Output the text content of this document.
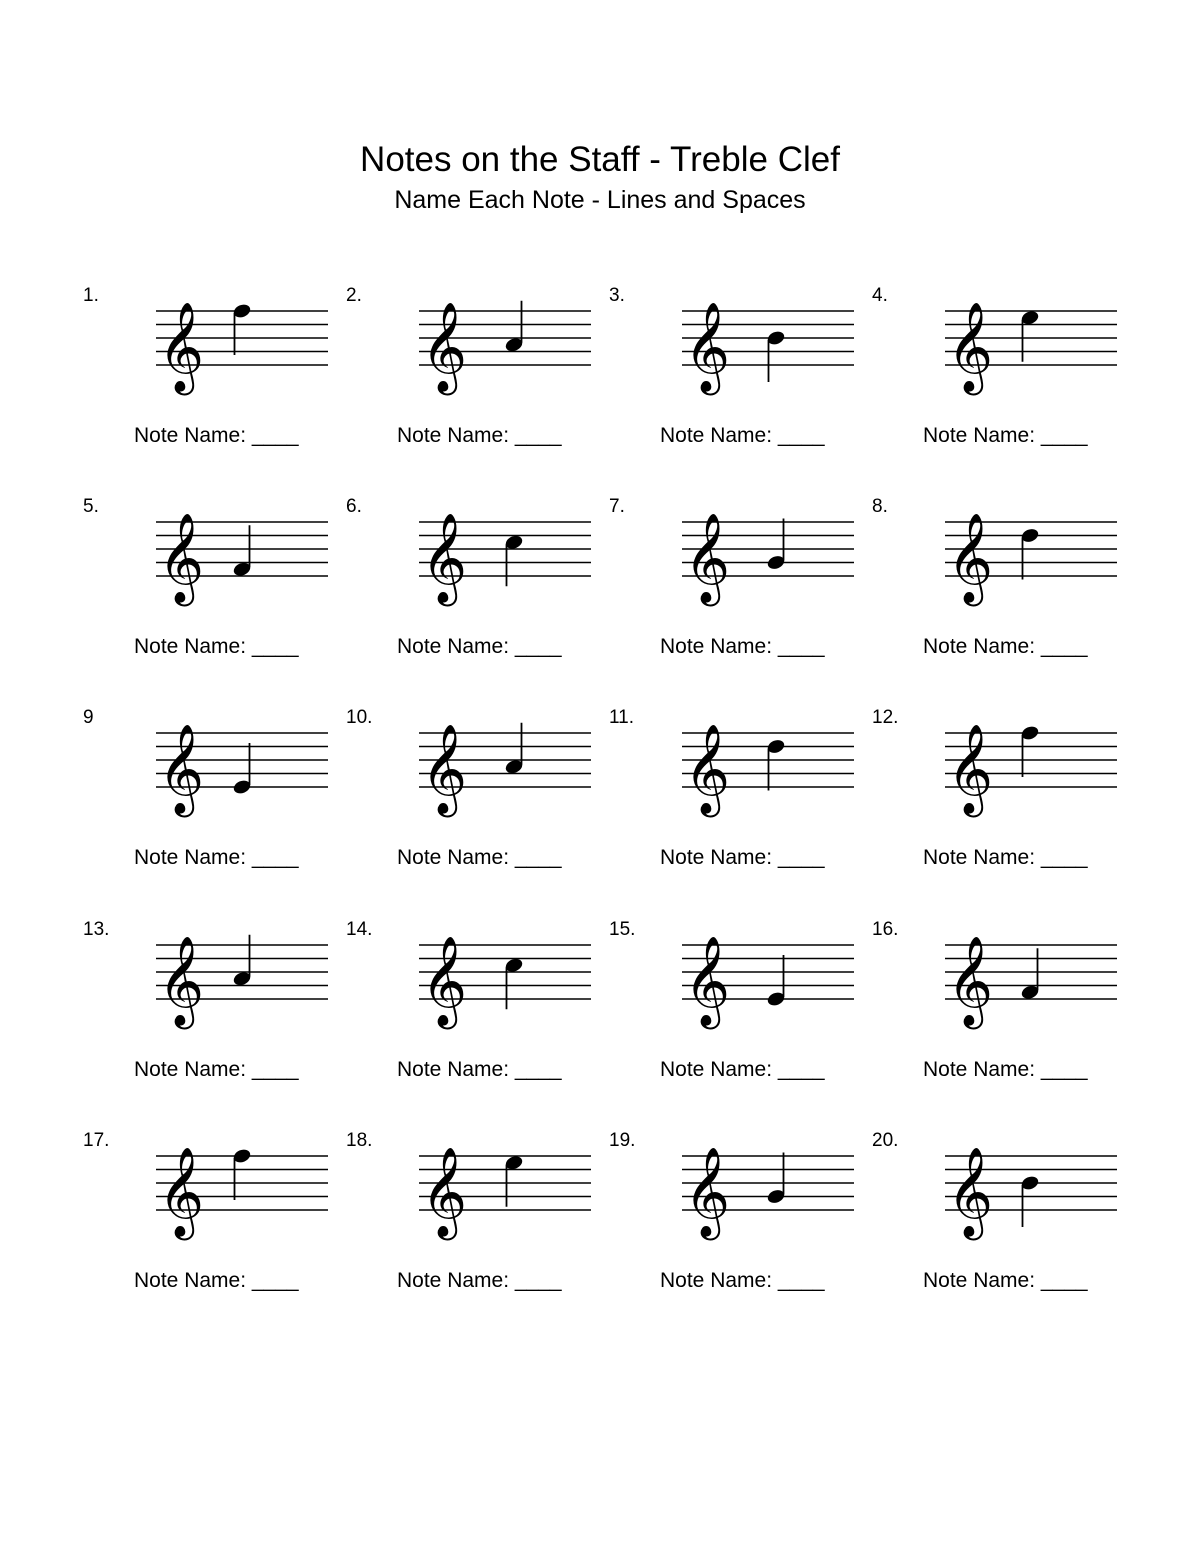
Notes on the Staff - Treble Clef
Name Each Note - Lines and Spaces
1.
𝄞
Note Name: ____
2.
𝄞
Note Name: ____
3.
𝄞
Note Name: ____
4.
𝄞
Note Name: ____
5.
𝄞
Note Name: ____
6.
𝄞
Note Name: ____
7.
𝄞
Note Name: ____
8.
𝄞
Note Name: ____
9
𝄞
Note Name: ____
10.
𝄞
Note Name: ____
11.
𝄞
Note Name: ____
12.
𝄞
Note Name: ____
13.
𝄞
Note Name: ____
14.
𝄞
Note Name: ____
15.
𝄞
Note Name: ____
16.
𝄞
Note Name: ____
17.
𝄞
Note Name: ____
18.
𝄞
Note Name: ____
19.
𝄞
Note Name: ____
20.
𝄞
Note Name: ____
